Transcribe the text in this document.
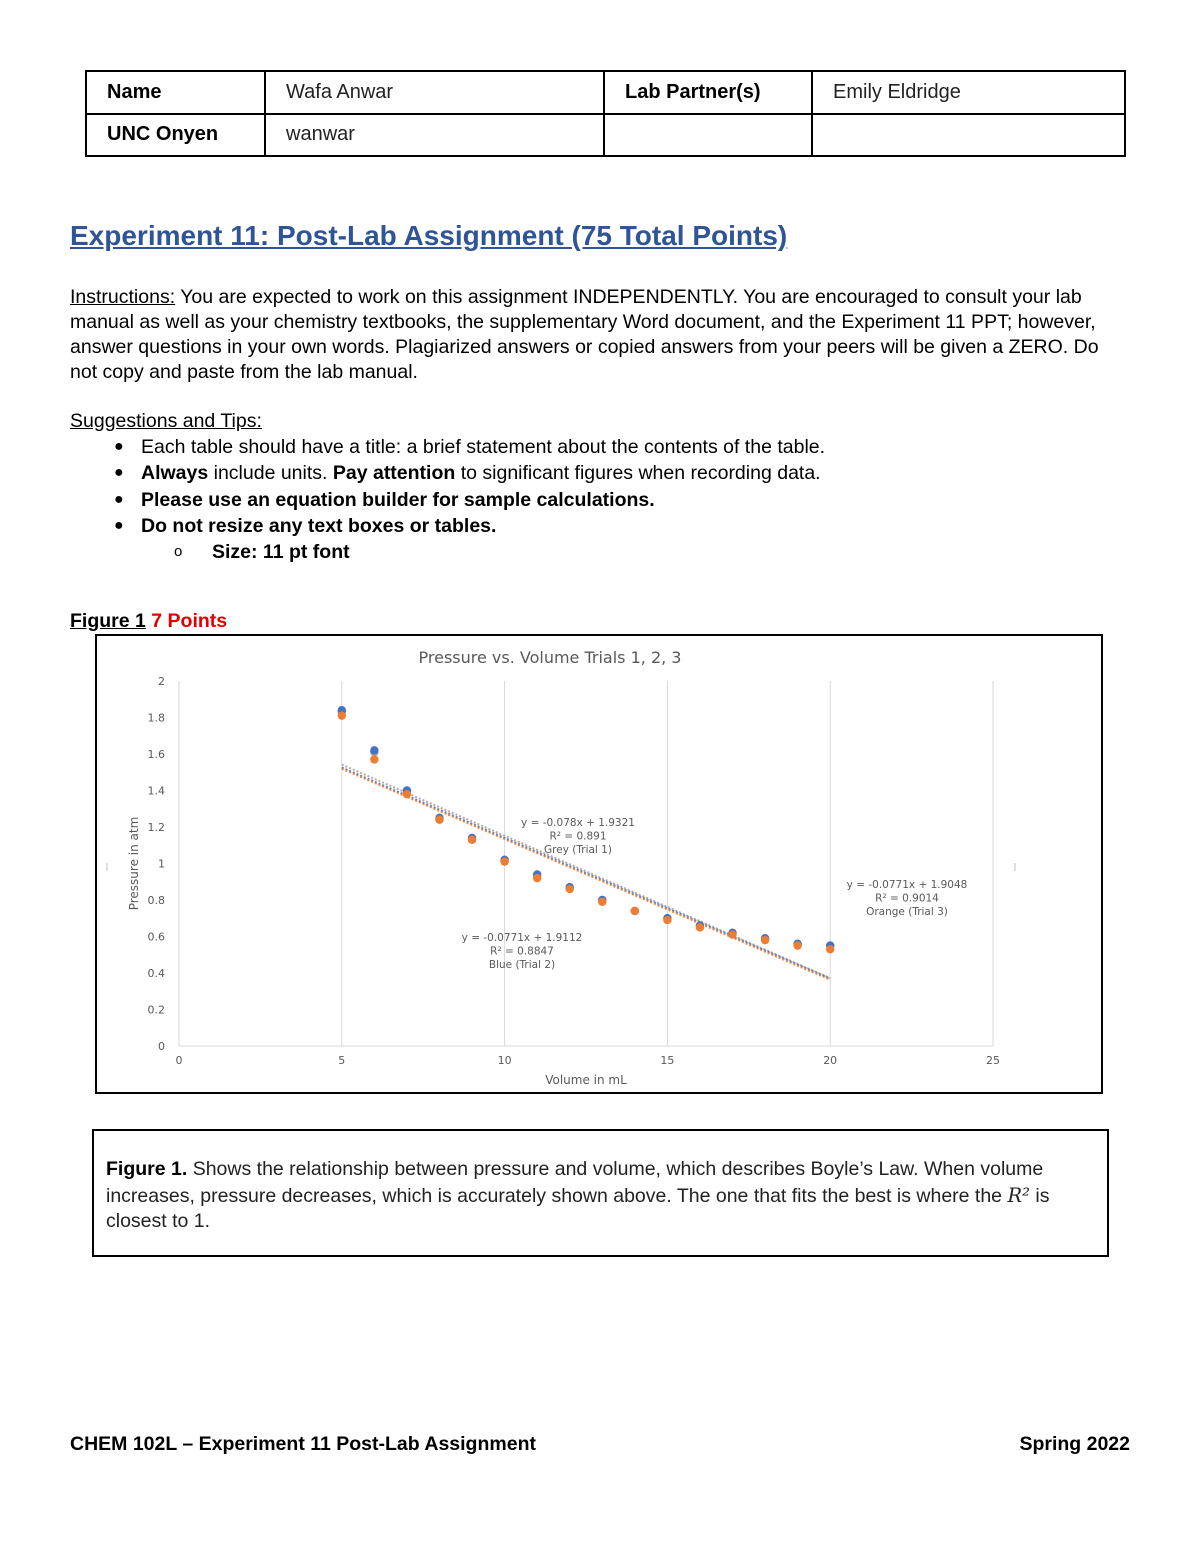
Name	Wafa Anwar	Lab Partner(s)	Emily Eldridge
UNC Onyen	wanwar		
Experiment 11: Post-Lab Assignment (75 Total Points)

Instructions: You are expected to work on this assignment INDEPENDENTLY. You are encouraged to consult your lab manual as well as your chemistry textbooks, the supplementary Word document, and the Experiment 11 PPT; however, answer questions in your own words. Plagiarized answers or copied answers from your peers will be given a ZERO. Do not copy and paste from the lab manual.

Suggestions and Tips:

● Each table should have a title: a brief statement about the contents of the table.
● Always include units. Pay attention to significant figures when recording data.
● Please use an equation builder for sample calculations.
● Do not resize any text boxes or tables.
o Size: 11 pt font

Figure 1 7 Points

Pressure vs. Volume Trials 1, 2, 3
0	5	10	15	20	25
0
0.2
0.4
0.6
0.8
1
1.2
1.4
1.6
1.8
2
Volume in mL
Pressure in atm	y = -0.078x + 1.9321
R² = 0.891
Grey (Trial 1)
y = -0.0771x + 1.9112
R² = 0.8847
Blue (Trial 2)
y = -0.0771x + 1.9048
R² = 0.9014
Orange (Trial 3)
Figure 1. Shows the relationship between pressure and volume, which describes Boyle’s Law. When volume increases, pressure decreases, which is accurately shown above. The one that fits the best is where the R² is closest to 1.

CHEM 102L – Experiment 11 Post-Lab Assignment	Spring 2022
